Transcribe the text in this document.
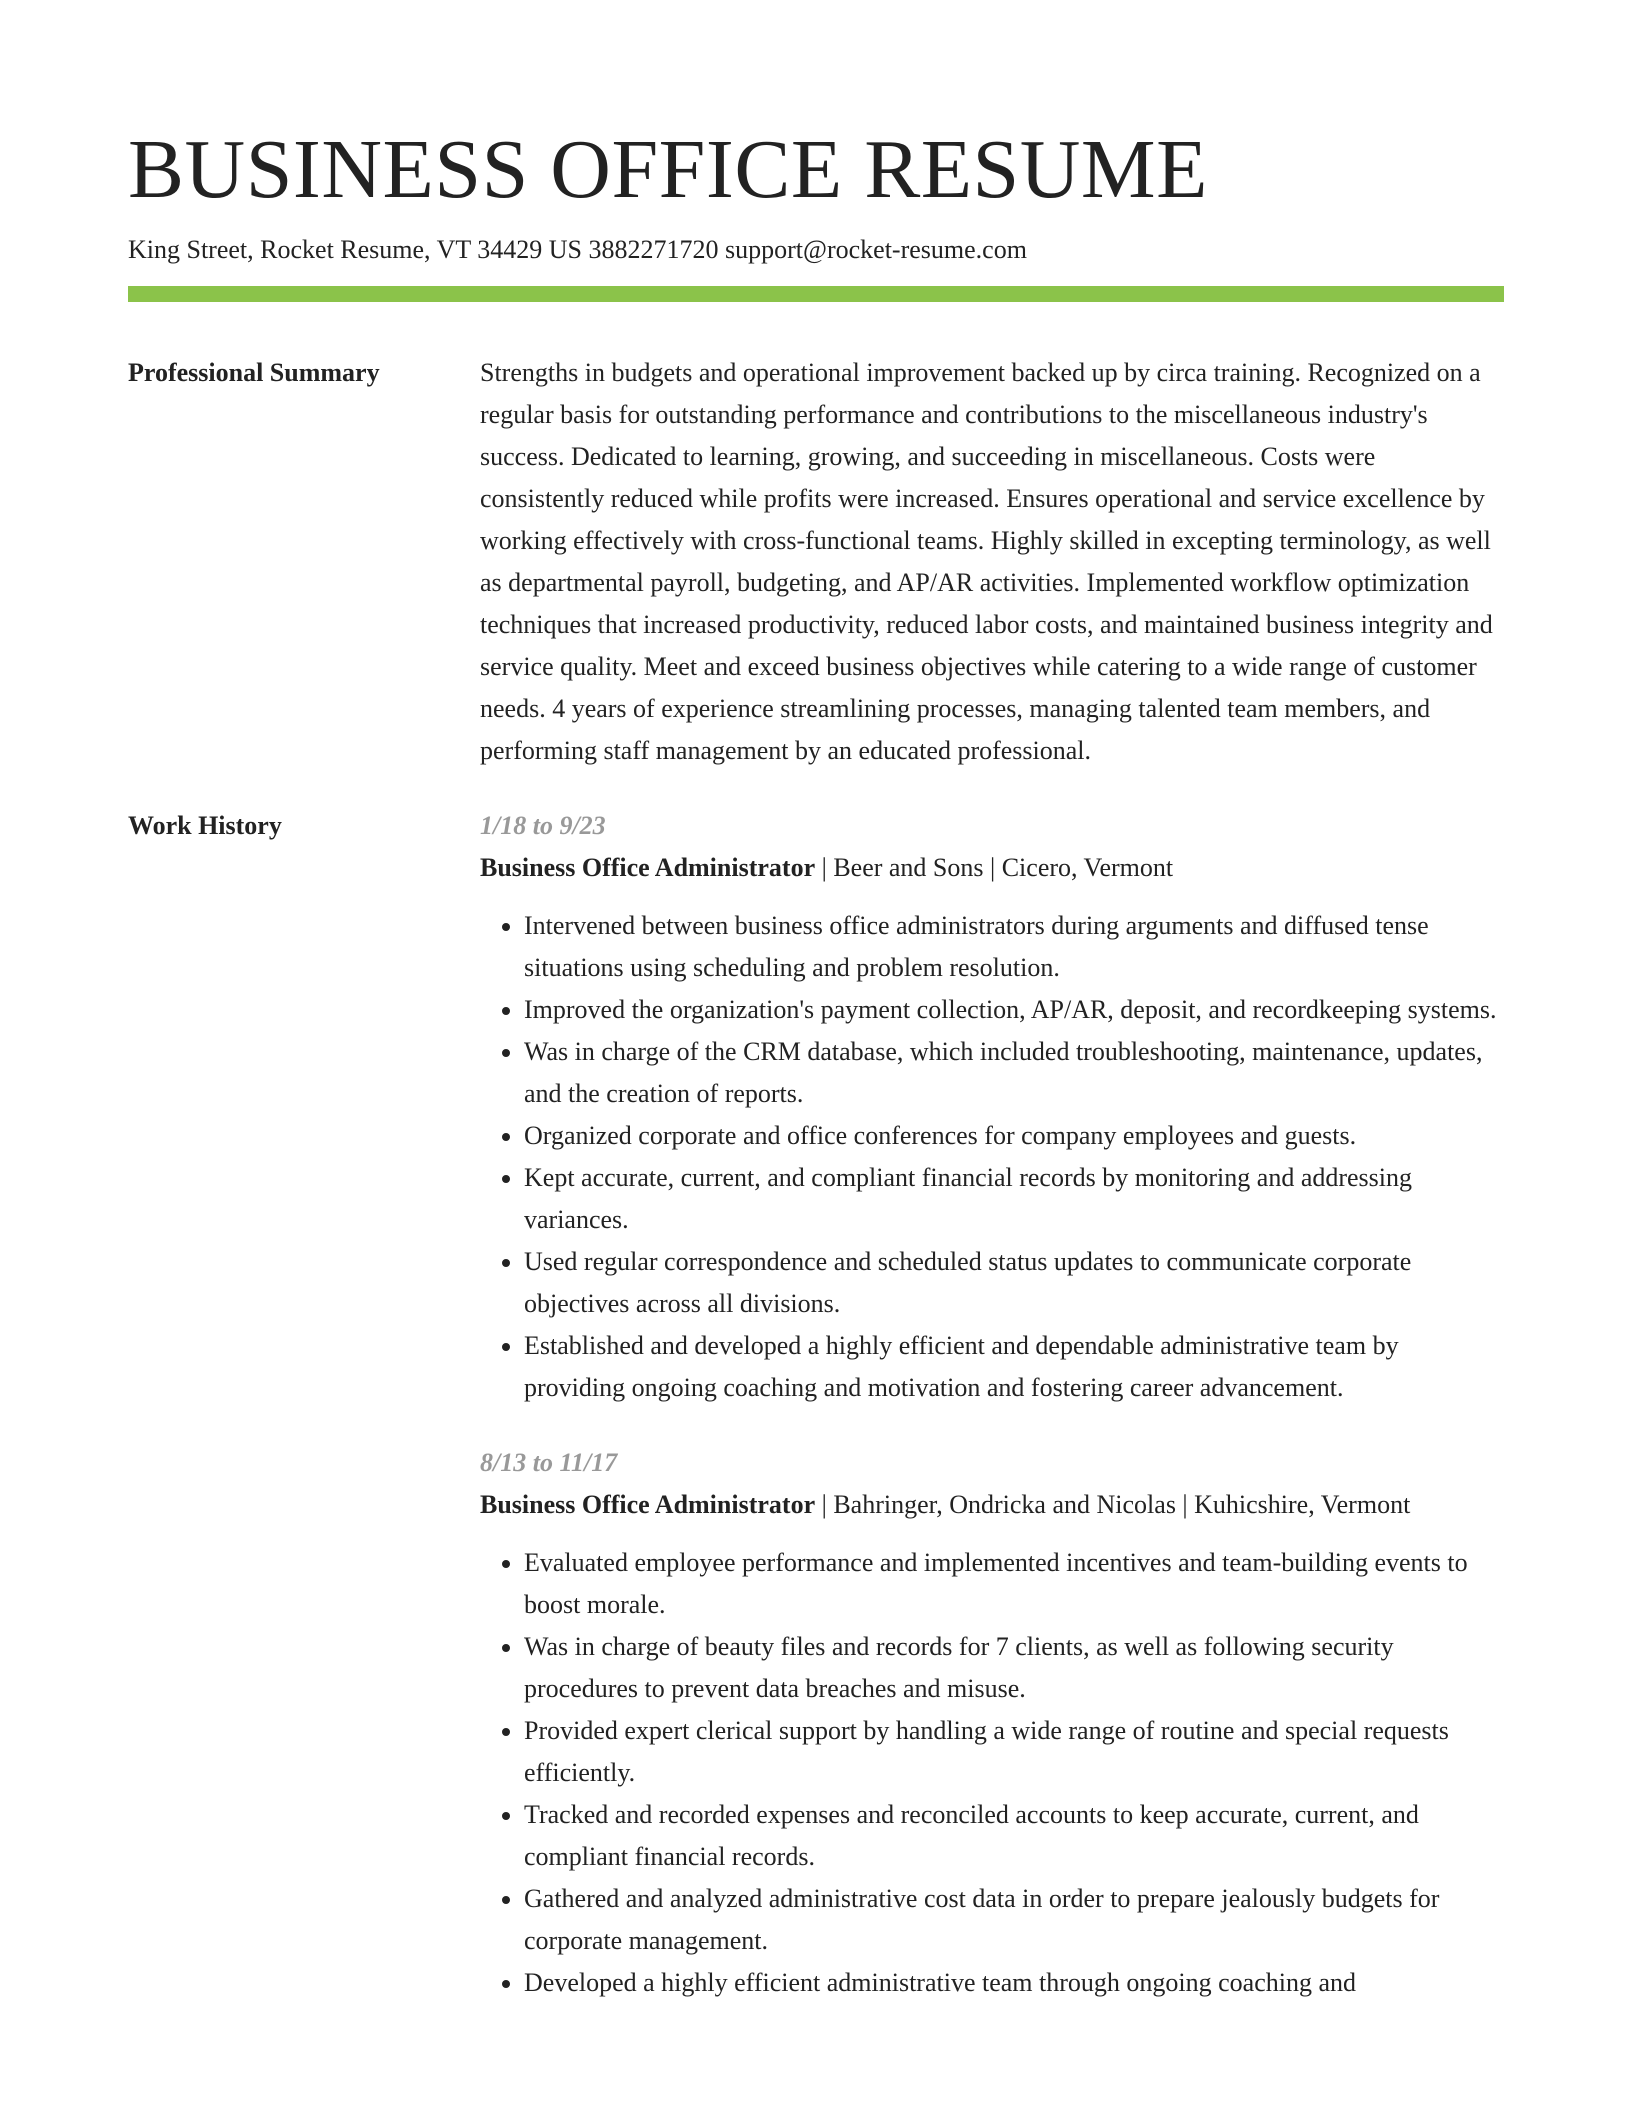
BUSINESS OFFICE RESUME
King Street, Rocket Resume, VT 34429 US 3882271720 support@rocket-resume.com
Professional Summary	Strengths in budgets and operational improvement backed up by circa training. Recognized on a regular basis for outstanding performance and contributions to the miscellaneous industry's success. Dedicated to learning, growing, and succeeding in miscellaneous. Costs were consistently reduced while profits were increased. Ensures operational and service excellence by working effectively with cross-functional teams. Highly skilled in excepting terminology, as well as departmental payroll, budgeting, and AP/AR activities. Implemented workflow optimization techniques that increased productivity, reduced labor costs, and maintained business integrity and service quality. Meet and exceed business objectives while catering to a wide range of customer needs. 4 years of experience streamlining processes, managing talented team members, and performing staff management by an educated professional.

Work History	1/18 to 9/23
Business Office Administrator | Beer and Sons | Cicero, Vermont
• Intervened between business office administrators during arguments and diffused tense situations using scheduling and problem resolution.
• Improved the organization's payment collection, AP/AR, deposit, and recordkeeping systems.
• Was in charge of the CRM database, which included troubleshooting, maintenance, updates, and the creation of reports.
• Organized corporate and office conferences for company employees and guests.
• Kept accurate, current, and compliant financial records by monitoring and addressing variances.
• Used regular correspondence and scheduled status updates to communicate corporate objectives across all divisions.
• Established and developed a highly efficient and dependable administrative team by providing ongoing coaching and motivation and fostering career advancement.
8/13 to 11/17
Business Office Administrator | Bahringer, Ondricka and Nicolas | Kuhicshire, Vermont
• Evaluated employee performance and implemented incentives and team-building events to boost morale.
• Was in charge of beauty files and records for 7 clients, as well as following security procedures to prevent data breaches and misuse.
• Provided expert clerical support by handling a wide range of routine and special requests efficiently.
• Tracked and recorded expenses and reconciled accounts to keep accurate, current, and compliant financial records.
• Gathered and analyzed administrative cost data in order to prepare jealously budgets for corporate management.
• Developed a highly efficient administrative team through ongoing coaching and
